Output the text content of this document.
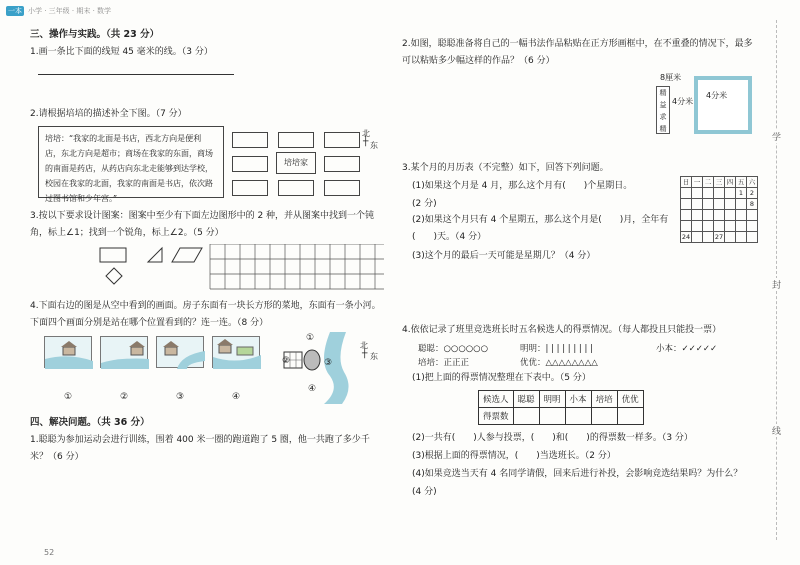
一本 小学 · 三年级 · 期末 · 数学
三、操作与实践。（共 23 分）
1.画一条比下面的线短 45 毫米的线。（3 分）
2.请根据培培的描述补全下图。（7 分）
培培：“我家的北面是书店，西北方向是便利店，东北方向是超市；商场在我家的东面，商场的南面是药店，从药店向东北走能够到达学校，校园在我家的北面，我家的南面是书店，依次路过图书馆和少年宫。”
培培家
北
东
┼
3.按以下要求设计图案：图案中至少有下面左边图形中的 2 种，并从图案中找到一个钝角，标上∠1；找到一个锐角，标上∠2。（5 分）
4.下面右边的图是从空中看到的画面。房子东面有一块长方形的菜地，东面有一条小河。下面四个画面分别是站在哪个位置看到的？连一连。（8 分）
①
②	③
④
北
┼ 东
①	②	③	④
四、解决问题。（共 36 分）
1.聪聪为参加运动会进行训练，围着 400 米一圈的跑道跑了 5 圈，他一共跑了多少千米？（6 分）
52
2.如图，聪聪准备将自己的一幅书法作品粘贴在正方形画框中，在不重叠的情况下，最多可以粘贴多少幅这样的作品？（6 分）
8厘米
精益求精
4分米
4分米
3.某个月的月历表（不完整）如下，回答下列问题。
(1)如果这个月是 4 月，那么这个月有(　　)个星期日。
(2 分)
(2)如果这个月只有 4 个星期五，那么这个月是(　　)月，全年有(　　)天。（4 分）
(3)这个月的最后一天可能是星期几？（4 分）
日	一	二	三	四	五	六
					1	2
						8

24			27			
4.依依记录了班里竞选班长时五名候选人的得票情况。（每人都投且只能投一票）
聪聪：○○○○○○	明明：| | | | | | | | |	小本：✓✓✓✓✓
培培：正正正	优优：△△△△△△△△
(1)把上面的得票情况整理在下表中。（5 分）
候选人	聪聪	明明	小本	培培	优优
得票数					
(2)一共有(　　)人参与投票，(　　)和(　　)的得票数一样多。（3 分）
(3)根据上面的得票情况，(　　)当选班长。（2 分）
(4)如果竞选当天有 4 名同学请假，回来后进行补投，会影响竞选结果吗？为什么？
(4 分)
学
封
线
